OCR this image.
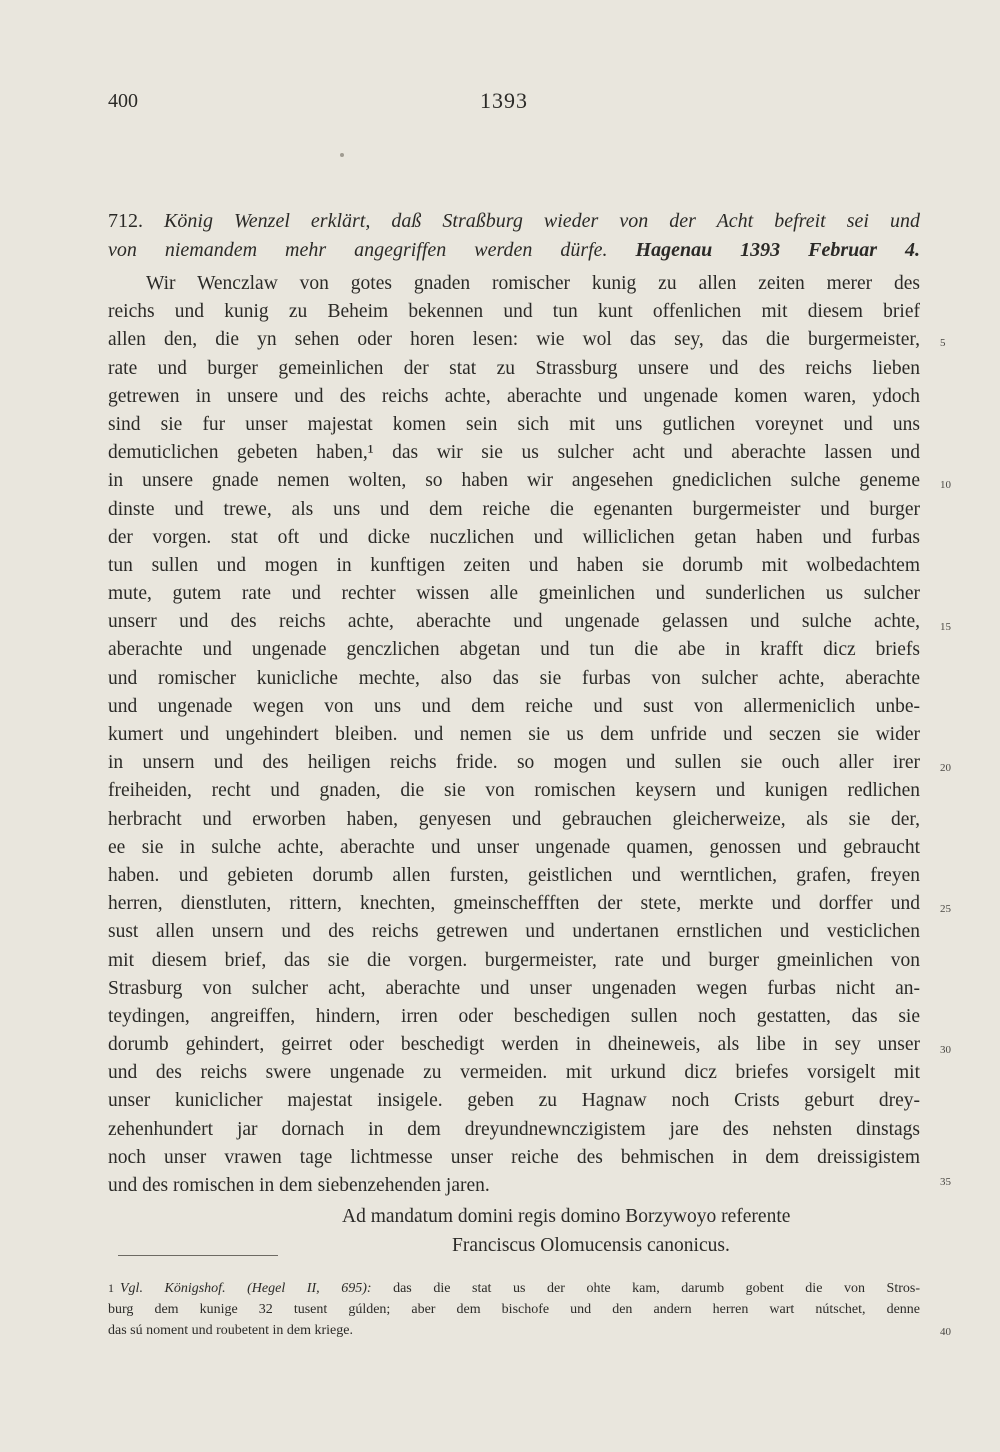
400	1393
712. König Wenzel erklärt, daß Straßburg wieder von der Acht befreit sei und
von niemandem mehr angegriffen werden dürfe. Hagenau 1393 Februar 4.
Wir Wenczlaw von gotes gnaden romischer kunig zu allen zeiten merer des
reichs und kunig zu Beheim bekennen und tun kunt offenlichen mit diesem brief
allen den, die yn sehen oder horen lesen: wie wol das sey, das die burgermeister,
rate und burger gemeinlichen der stat zu Strassburg unsere und des reichs lieben
getrewen in unsere und des reichs achte, aberachte und ungenade komen waren, ydoch
sind sie fur unser majestat komen sein sich mit uns gutlichen voreynet und uns
demuticlichen gebeten haben,¹ das wir sie us sulcher acht und aberachte lassen und
in unsere gnade nemen wolten, so haben wir angesehen gnediclichen sulche geneme
dinste und trewe, als uns und dem reiche die egenanten burgermeister und burger
der vorgen. stat oft und dicke nuczlichen und williclichen getan haben und furbas
tun sullen und mogen in kunftigen zeiten und haben sie dorumb mit wolbedachtem
mute, gutem rate und rechter wissen alle gmeinlichen und sunderlichen us sulcher
unserr und des reichs achte, aberachte und ungenade gelassen und sulche achte,
aberachte und ungenade genczlichen abgetan und tun die abe in krafft dicz briefs
und romischer kunicliche mechte, also das sie furbas von sulcher achte, aberachte
und ungenade wegen von uns und dem reiche und sust von allermeniclich unbe-
kumert und ungehindert bleiben. und nemen sie us dem unfride und seczen sie wider
in unsern und des heiligen reichs fride. so mogen und sullen sie ouch aller irer
freiheiden, recht und gnaden, die sie von romischen keysern und kunigen redlichen
herbracht und erworben haben, genyesen und gebrauchen gleicherweize, als sie der,
ee sie in sulche achte, aberachte und unser ungenade quamen, genossen und gebraucht
haben. und gebieten dorumb allen fursten, geistlichen und werntlichen, grafen, freyen
herren, dienstluten, rittern, knechten, gmeinscheffften der stete, merkte und dorffer und
sust allen unsern und des reichs getrewen und undertanen ernstlichen und vesticlichen
mit diesem brief, das sie die vorgen. burgermeister, rate und burger gmeinlichen von
Strasburg von sulcher acht, aberachte und unser ungenaden wegen furbas nicht an-
teydingen, angreiffen, hindern, irren oder beschedigen sullen noch gestatten, das sie
dorumb gehindert, geirret oder beschedigt werden in dheineweis, als libe in sey unser
und des reichs swere ungenade zu vermeiden. mit urkund dicz briefes vorsigelt mit
unser kuniclicher majestat insigele. geben zu Hagnaw noch Crists geburt drey-
zehenhundert jar dornach in dem dreyundnewnczigistem jare des nehsten dinstags
noch unser vrawen tage lichtmesse unser reiche des behmischen in dem dreissigistem
und des romischen in dem siebenzehenden jaren.
Ad mandatum domini regis domino Borzywoyo referente
Franciscus Olomucensis canonicus.
1 Vgl. Königshof. (Hegel II, 695): das die stat us der ohte kam, darumb gobent die von Stros-
burg dem kunige 32 tusent gúlden; aber dem bischofe und den andern herren wart nútschet, denne
das sú noment und roubetent in dem kriege.
5
10
15
20
25
30
35
40
